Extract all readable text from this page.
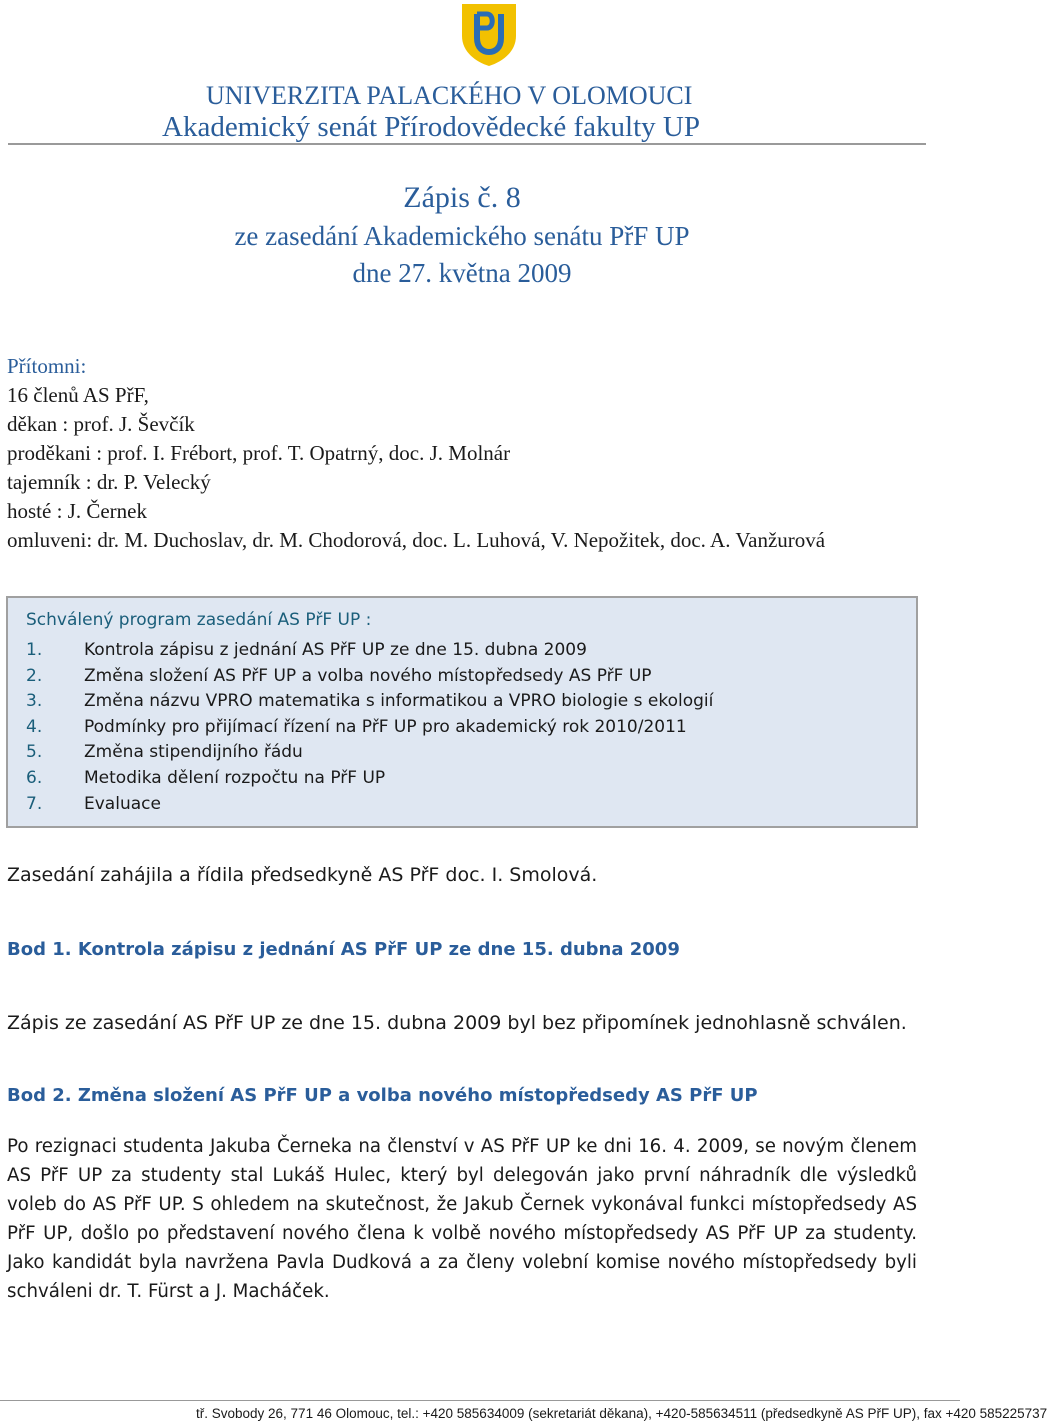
UNIVERZITA PALACKÉHO V OLOMOUCI
Akademický senát Přírodovědecké fakulty UP
Zápis č. 8
ze zasedání Akademického senátu PřF UP
dne 27. května 2009
Přítomni:
16 členů AS PřF,
děkan : prof. J. Ševčík
proděkani : prof. I. Frébort, prof. T. Opatrný, doc. J. Molnár
tajemník : dr. P. Velecký
hosté : J. Černek
omluveni: dr. M. Duchoslav, dr. M. Chodorová, doc. L. Luhová, V. Nepožitek, doc. A. Vanžurová
Schválený program zasedání AS PřF UP :
1. Kontrola zápisu z jednání AS PřF UP ze dne 15. dubna 2009
2. Změna složení AS PřF UP a volba nového místopředsedy AS PřF UP
3. Změna názvu VPRO matematika s informatikou a VPRO biologie s ekologií
4. Podmínky pro přijímací řízení na PřF UP pro akademický rok 2010/2011
5. Změna stipendijního řádu
6. Metodika dělení rozpočtu na PřF UP
7. Evaluace
Zasedání zahájila a řídila předsedkyně AS PřF doc. I. Smolová.
Bod 1. Kontrola zápisu z jednání AS PřF UP ze dne 15. dubna 2009
Zápis ze zasedání AS PřF UP ze dne 15. dubna 2009 byl bez připomínek jednohlasně schválen.
Bod 2. Změna složení AS PřF UP a volba nového místopředsedy AS PřF UP
Po rezignaci studenta Jakuba Černeka na členství v AS PřF UP ke dni 16. 4. 2009, se novým členem AS PřF UP za studenty stal Lukáš Hulec, který byl delegován jako první náhradník dle výsledků voleb do AS PřF UP. S ohledem na skutečnost, že Jakub Černek vykonával funkci místopředsedy AS PřF UP, došlo po představení nového člena k volbě nového místopředsedy AS PřF UP za studenty. Jako kandidát byla navržena Pavla Dudková a za členy volební komise nového místopředsedy byli schváleni dr. T. Fürst a J. Macháček.
tř. Svobody 26, 771 46 Olomouc, tel.: +420 585634009 (sekretariát děkana), +420-585634511 (předsedkyně AS PřF UP), fax +420 585225737
